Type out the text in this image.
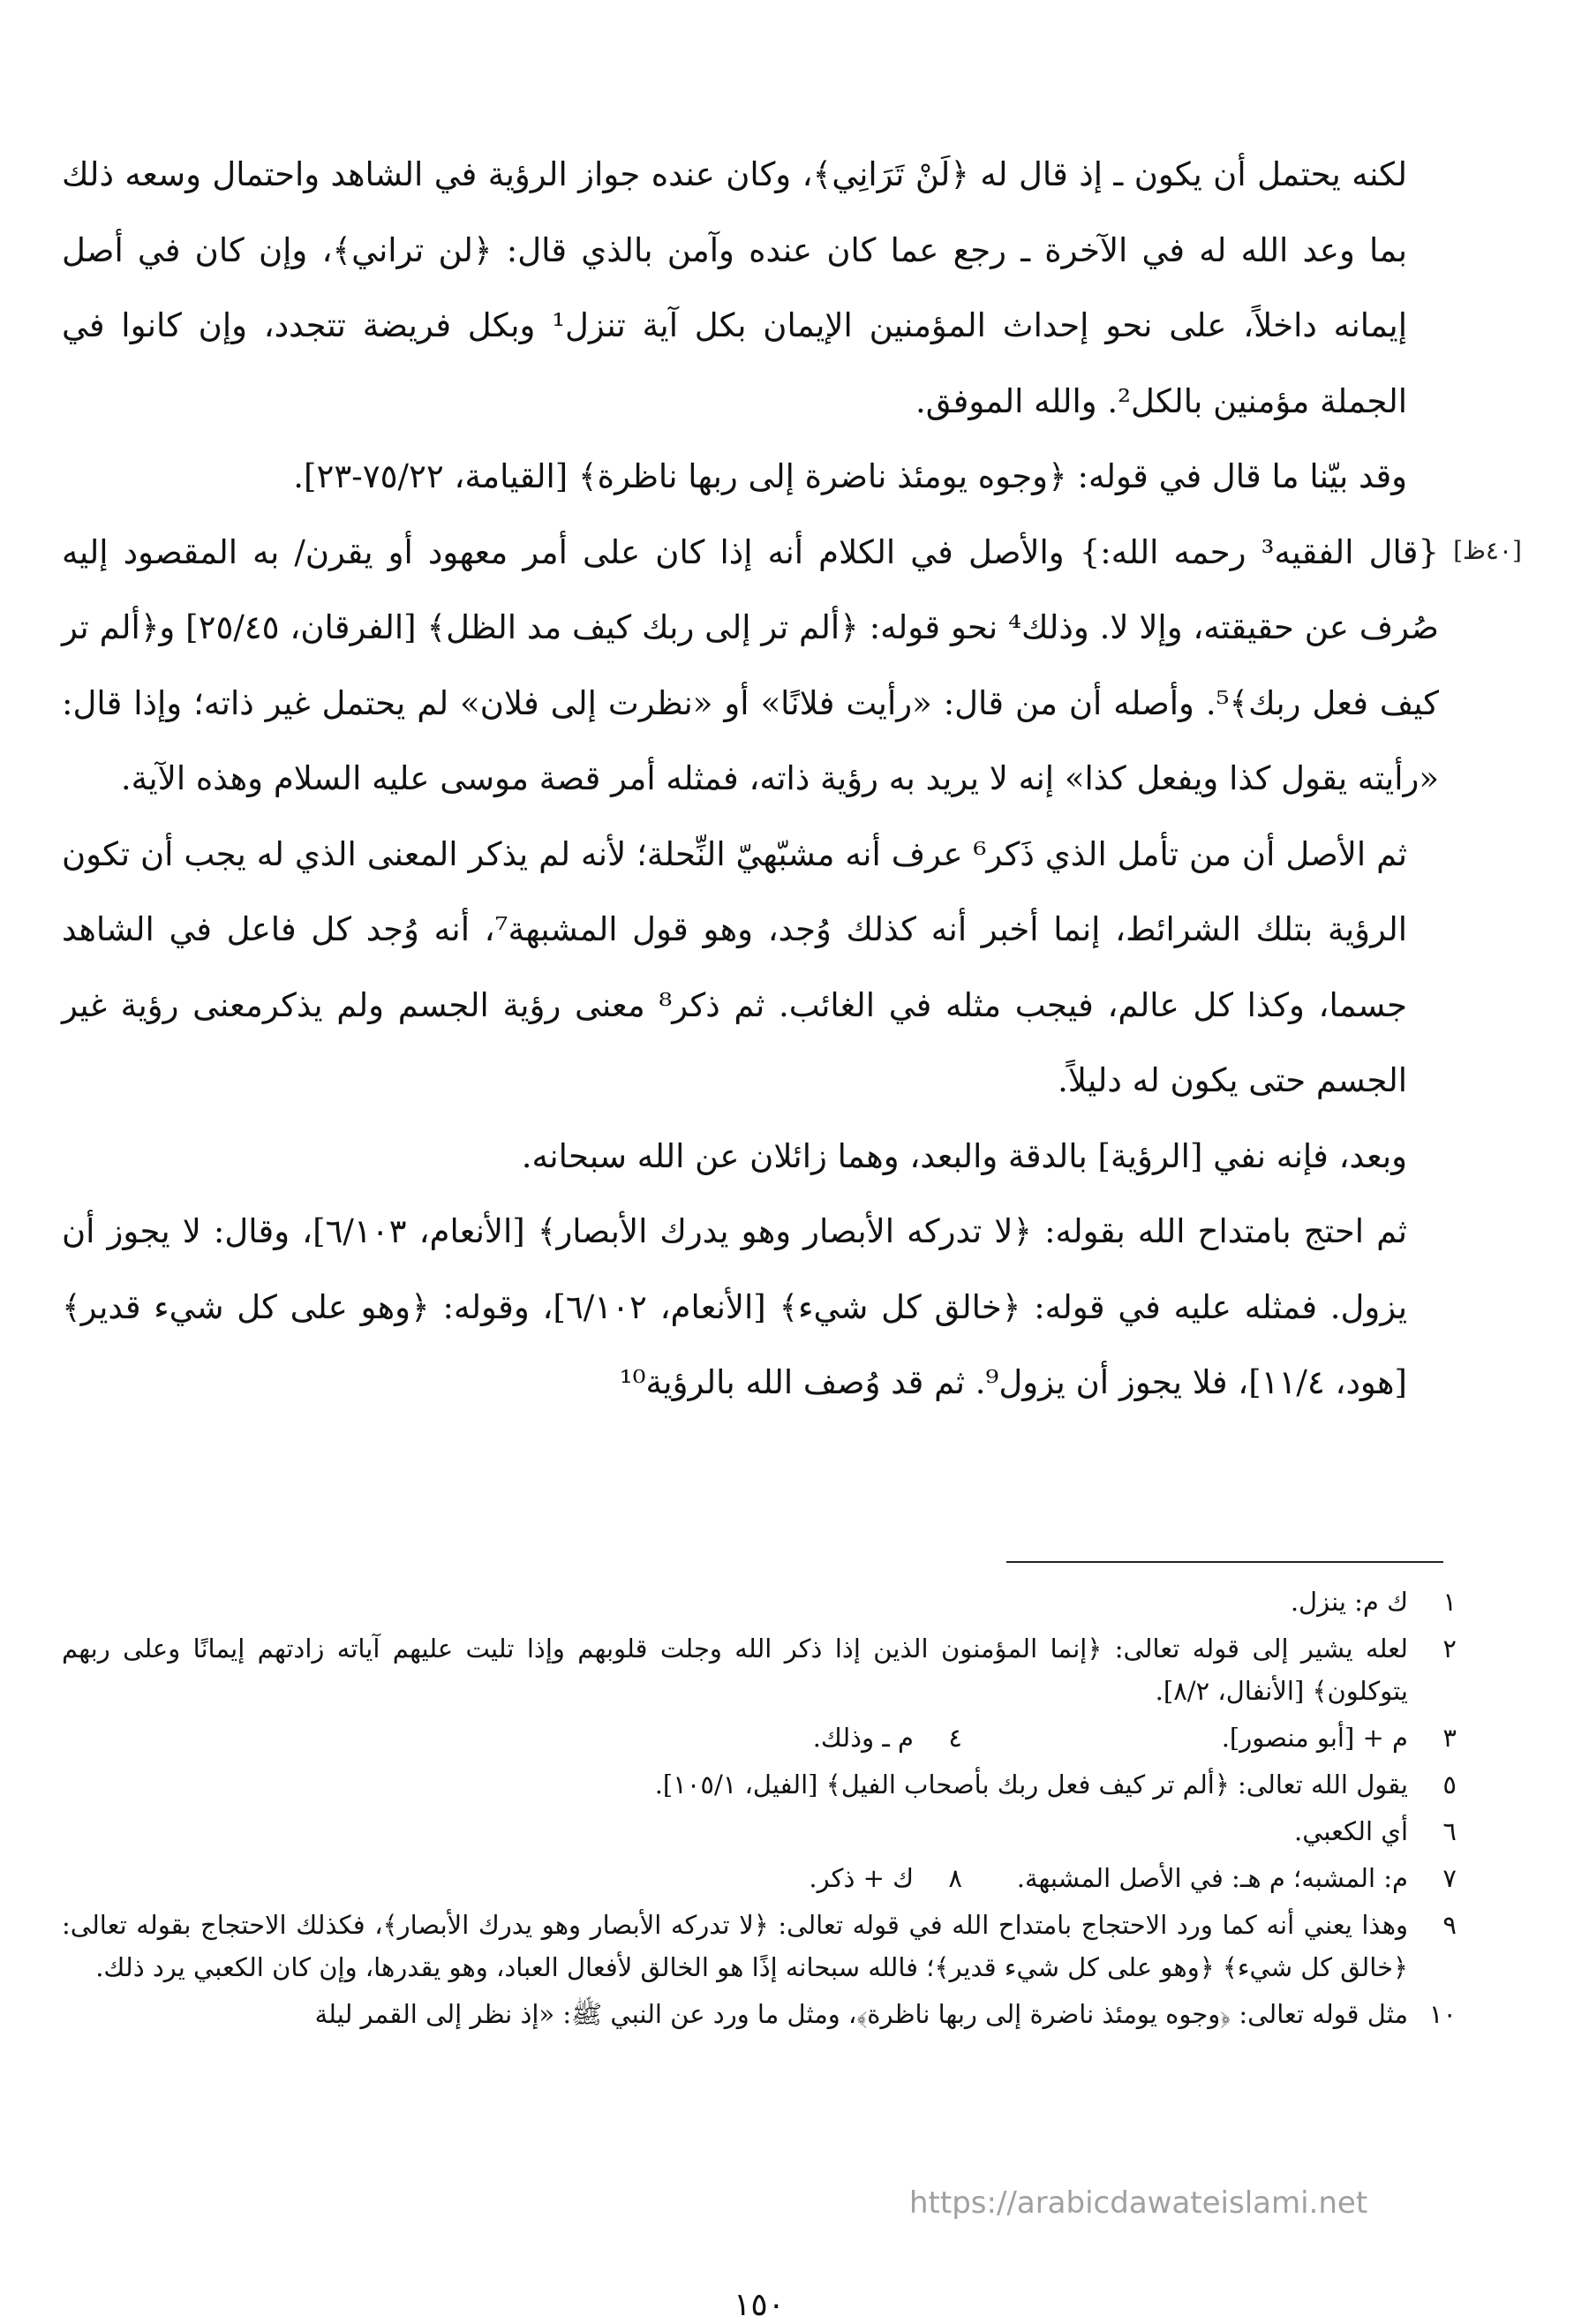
[٤٠ظ]

لكنه يحتمل أن يكون ـ إذ قال له ﴿لَنْ تَرَانِي﴾، وكان عنده جواز الرؤية في الشاهد واحتمال وسعه ذلك بما وعد الله له في الآخرة ـ رجع عما كان عنده وآمن بالذي قال: ﴿لن تراني﴾، وإن كان في أصل إيمانه داخلاً، على نحو إحداث المؤمنين الإيمان بكل آية تنزل¹ وبكل فريضة تتجدد، وإن كانوا في الجملة مؤمنين بالكل². والله الموفق.

وقد بيّنا ما قال في قوله: ﴿وجوه يومئذ ناضرة إلى ربها ناظرة﴾ [القيامة، ٧٥/٢٢-٢٣].

{قال الفقيه³ رحمه الله:} والأصل في الكلام أنه إذا كان على أمر معهود أو يقرن/ به المقصود إليه صُرف عن حقيقته، وإلا لا. وذلك⁴ نحو قوله: ﴿ألم تر إلى ربك كيف مد الظل﴾ [الفرقان، ٢٥/٤٥] و﴿ألم تر كيف فعل ربك﴾⁵. وأصله أن من قال: «رأيت فلانًا» أو «نظرت إلى فلان» لم يحتمل غير ذاته؛ وإذا قال: «رأيته يقول كذا ويفعل كذا» إنه لا يريد به رؤية ذاته، فمثله أمر قصة موسى عليه السلام وهذه الآية.

ثم الأصل أن من تأمل الذي ذَكر⁶ عرف أنه مشبّهيّ النِّحلة؛ لأنه لم يذكر المعنى الذي له يجب أن تكون الرؤية بتلك الشرائط، إنما أخبر أنه كذلك وُجد، وهو قول المشبهة⁷، أنه وُجد كل فاعل في الشاهد جسما، وكذا كل عالم، فيجب مثله في الغائب. ثم ذكر⁸ معنى رؤية الجسم ولم يذكرمعنى رؤية غير الجسم حتى يكون له دليلاً.

وبعد، فإنه نفي [الرؤية] بالدقة والبعد، وهما زائلان عن الله سبحانه.

ثم احتج بامتداح الله بقوله: ﴿لا تدركه الأبصار وهو يدرك الأبصار﴾ [الأنعام، ٦/١٠٣]، وقال: لا يجوز أن يزول. فمثله عليه في قوله: ﴿خالق كل شيء﴾ [الأنعام، ٦/١٠٢]، وقوله: ﴿وهو على كل شيء قدير﴾ [هود، ١١/٤]، فلا يجوز أن يزول⁹. ثم قد وُصف الله بالرؤية¹⁰

١
ك م: ينزل.
٢
لعله يشير إلى قوله تعالى: ﴿إنما المؤمنون الذين إذا ذكر الله وجلت قلوبهم وإذا تليت عليهم آياته زادتهم إيمانًا وعلى ربهم يتوكلون﴾ [الأنفال، ٨/٢].
٣
م + [أبو منصور].
٤
م ـ وذلك.
٥
يقول الله تعالى: ﴿ألم تر كيف فعل ربك بأصحاب الفيل﴾ [الفيل، ١٠٥/١].
٦
أي الكعبي.
٧
م: المشبه؛ م هـ: في الأصل المشبهة.
٨
ك + ذكر.
٩
وهذا يعني أنه كما ورد الاحتجاج بامتداح الله في قوله تعالى: ﴿لا تدركه الأبصار وهو يدرك الأبصار﴾، فكذلك الاحتجاج بقوله تعالى: ﴿خالق كل شيء﴾ ﴿وهو على كل شيء قدير﴾؛ فالله سبحانه إذًا هو الخالق لأفعال العباد، وهو يقدرها، وإن كان الكعبي يرد ذلك.
١٠
مثل قوله تعالى: ﴿وجوه يومئذ ناضرة إلى ربها ناظرة﴾، ومثل ما ورد عن النبي ﷺ: «إذ نظر إلى القمر ليلة
https://arabicdawateislami.net
١٥٠
